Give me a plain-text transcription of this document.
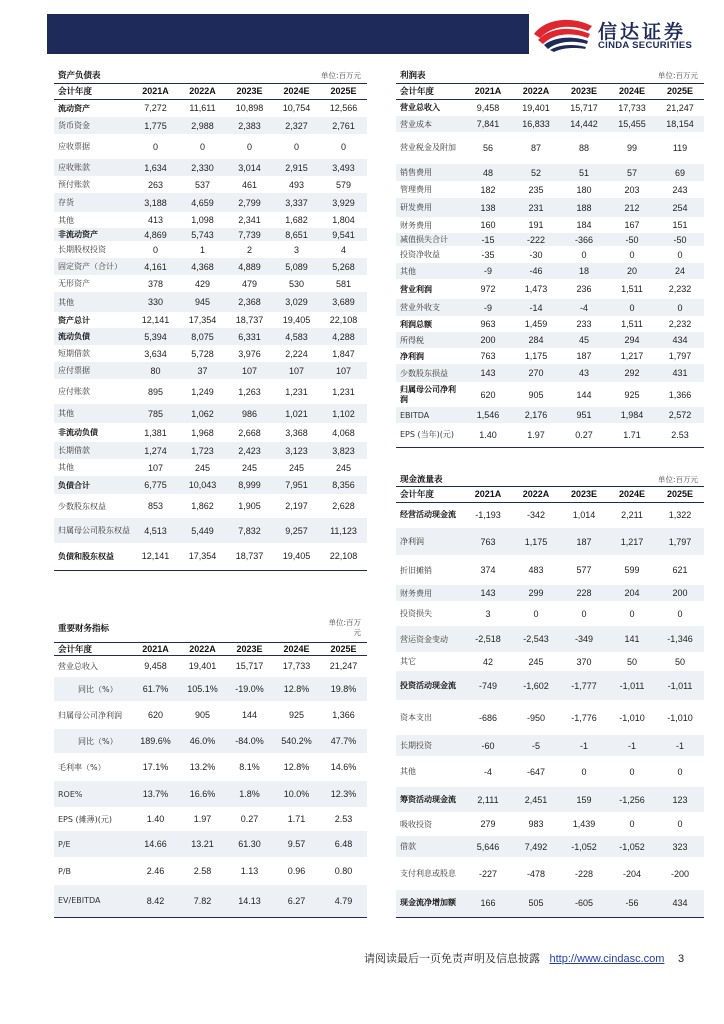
信达证券
CINDA SECURITIES
资产负债表				单位:百万元	
会计年度	2021A	2022A	2023E	2024E	2025E
流动资产	7,272	11,611	10,898	10,754	12,566
货币资金	1,775	2,988	2,383	2,327	2,761
应收票据	0	0	0	0	0
应收账款	1,634	2,330	3,014	2,915	3,493
预付账款	263	537	461	493	579
存货	3,188	4,659	2,799	3,337	3,929
其他	413	1,098	2,341	1,682	1,804
非流动资产	4,869	5,743	7,739	8,651	9,541
长期股权投资	0	1	2	3	4
固定资产（合计）	4,161	4,368	4,889	5,089	5,268
无形资产	378	429	479	530	581
其他	330	945	2,368	3,029	3,689
资产总计	12,141	17,354	18,737	19,405	22,108
流动负债	5,394	8,075	6,331	4,583	4,288
短期借款	3,634	5,728	3,976	2,224	1,847
应付票据	80	37	107	107	107
应付账款	895	1,249	1,263	1,231	1,231
其他	785	1,062	986	1,021	1,102
非流动负债	1,381	1,968	2,668	3,368	4,068
长期借款	1,274	1,723	2,423	3,123	3,823
其他	107	245	245	245	245
负债合计	6,775	10,043	8,999	7,951	8,356
少数股东权益	853	1,862	1,905	2,197	2,628
归属母公司股东权益	4,513	5,449	7,832	9,257	11,123
负债和股东权益	12,141	17,354	18,737	19,405	22,108
重要财务指标				单位:百万元	
会计年度	2021A	2022A	2023E	2024E	2025E
营业总收入	9,458	19,401	15,717	17,733	21,247
同比（%）	61.7%	105.1%	-19.0%	12.8%	19.8%
归属母公司净利润	620	905	144	925	1,366
同比（%）	189.6%	46.0%	-84.0%	540.2%	47.7%
毛利率（%）	17.1%	13.2%	8.1%	12.8%	14.6%
ROE%	13.7%	16.6%	1.8%	10.0%	12.3%
EPS (摊薄)(元)	1.40	1.97	0.27	1.71	2.53
P/E	14.66	13.21	61.30	9.57	6.48
P/B	2.46	2.58	1.13	0.96	0.80
EV/EBITDA	8.42	7.82	14.13	6.27	4.79
利润表				单位:百万元	
会计年度	2021A	2022A	2023E	2024E	2025E
营业总收入	9,458	19,401	15,717	17,733	21,247
营业成本	7,841	16,833	14,442	15,455	18,154
营业税金及附加	56	87	88	99	119
销售费用	48	52	51	57	69
管理费用	182	235	180	203	243
研发费用	138	231	188	212	254
财务费用	160	191	184	167	151
减值损失合计	-15	-222	-366	-50	-50
投资净收益	-35	-30	0	0	0
其他	-9	-46	18	20	24
营业利润	972	1,473	236	1,511	2,232
营业外收支	-9	-14	-4	0	0
利润总额	963	1,459	233	1,511	2,232
所得税	200	284	45	294	434
净利润	763	1,175	187	1,217	1,797
少数股东损益	143	270	43	292	431
归属母公司净利润	620	905	144	925	1,366
EBITDA	1,546	2,176	951	1,984	2,572
EPS (当年)(元)	1.40	1.97	0.27	1.71	2.53
现金流量表				单位:百万元	
会计年度	2021A	2022A	2023E	2024E	2025E
经营活动现金流	-1,193	-342	1,014	2,211	1,322
净利润	763	1,175	187	1,217	1,797
折旧摊销	374	483	577	599	621
财务费用	143	299	228	204	200
投资损失	3	0	0	0	0
营运资金变动	-2,518	-2,543	-349	141	-1,346
其它	42	245	370	50	50
投资活动现金流	-749	-1,602	-1,777	-1,011	-1,011
资本支出	-686	-950	-1,776	-1,010	-1,010
长期投资	-60	-5	-1	-1	-1
其他	-4	-647	0	0	0
筹资活动现金流	2,111	2,451	159	-1,256	123
吸收投资	279	983	1,439	0	0
借款	5,646	7,492	-1,052	-1,052	323
支付利息或股息	-227	-478	-228	-204	-200
现金流净增加额	166	505	-605	-56	434
请阅读最后一页免责声明及信息披露 http://www.cindasc.com 3
